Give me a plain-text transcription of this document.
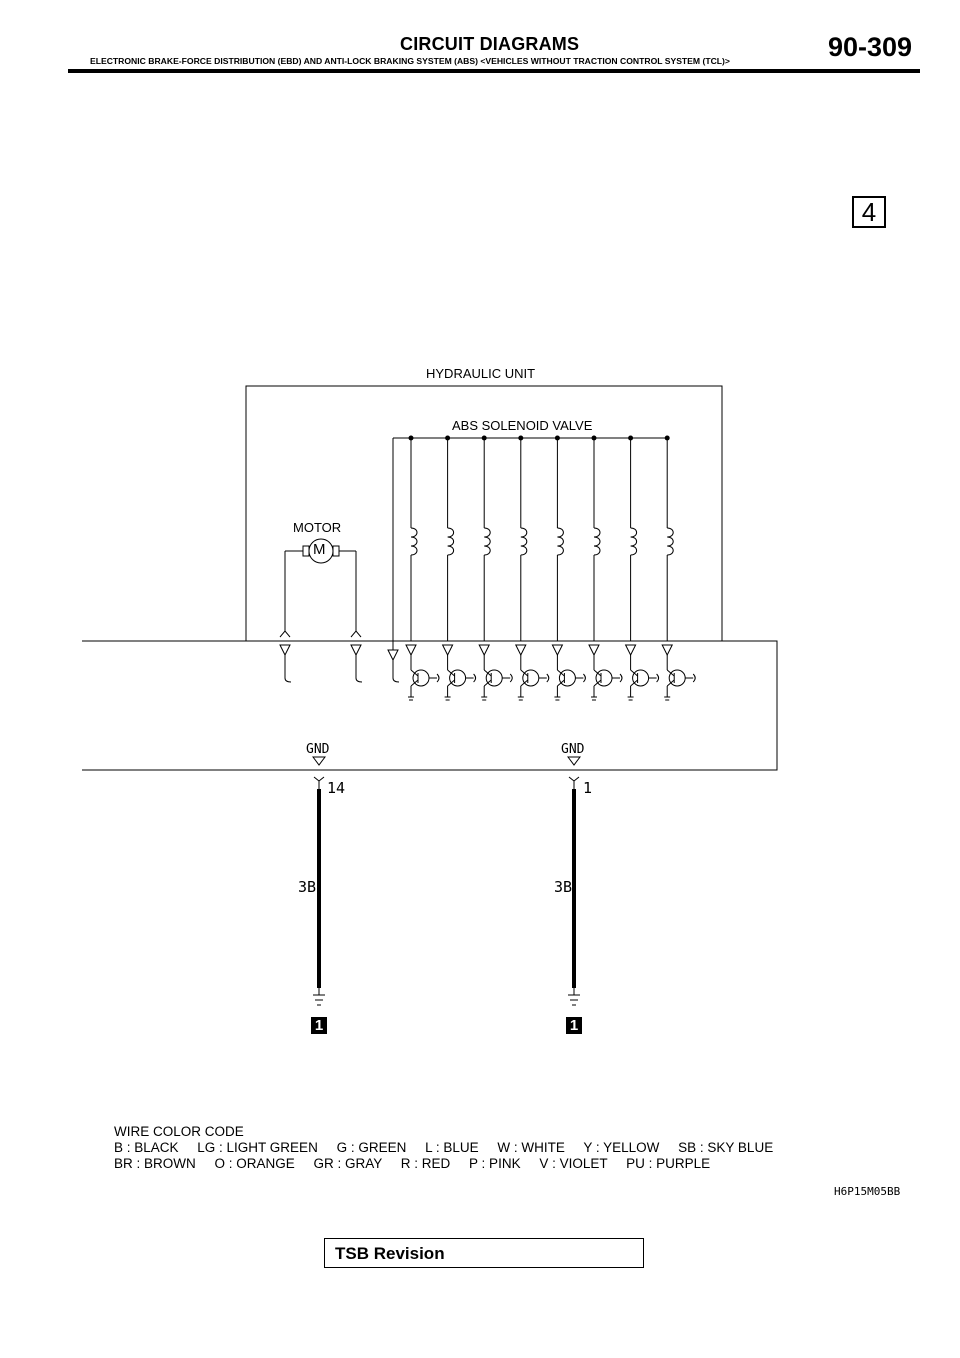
CIRCUIT DIAGRAMS
ELECTRONIC BRAKE-FORCE DISTRIBUTION (EBD) AND ANTI-LOCK BRAKING SYSTEM (ABS) <VEHICLES WITHOUT TRACTION CONTROL SYSTEM (TCL)>	90-309
4
HYDRAULIC UNIT
ABS SOLENOID VALVE
MOTOR
M
GND	GND
14	1
3B	3B
1	1
WIRE COLOR CODE
B : BLACK     LG : LIGHT GREEN     G : GREEN     L : BLUE     W : WHITE     Y : YELLOW     SB : SKY BLUE
BR : BROWN     O : ORANGE     GR : GRAY     R : RED     P : PINK     V : VIOLET     PU : PURPLE
H6P15M05BB
TSB Revision
